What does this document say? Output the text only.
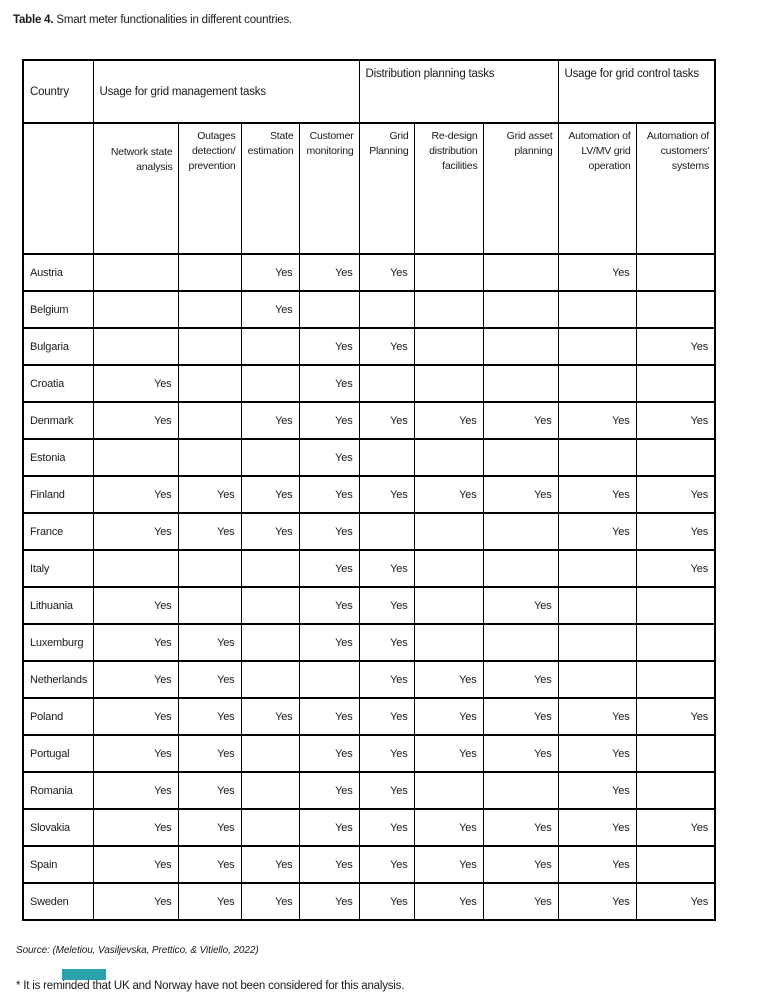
Table 4. Smart meter functionalities in different countries.

Country	Usage for grid management tasks				Distribution planning tasks			Usage for grid control tasks	
	Network state analysis	Outages detection/ prevention	State estimation	Customer monitoring	Grid Planning	Re-design distribution facilities	Grid asset planning	Automation of LV/MV grid operation	Automation of customers' systems
Austria			Yes	Yes	Yes			Yes	
Belgium			Yes						
Bulgaria				Yes	Yes				Yes
Croatia	Yes			Yes					
Denmark	Yes		Yes	Yes	Yes	Yes	Yes	Yes	Yes
Estonia				Yes					
Finland	Yes	Yes	Yes	Yes	Yes	Yes	Yes	Yes	Yes
France	Yes	Yes	Yes	Yes				Yes	Yes
Italy				Yes	Yes				Yes
Lithuania	Yes			Yes	Yes		Yes		
Luxemburg	Yes	Yes		Yes	Yes				
Netherlands	Yes	Yes			Yes	Yes	Yes		
Poland	Yes	Yes	Yes	Yes	Yes	Yes	Yes	Yes	Yes
Portugal	Yes	Yes		Yes	Yes	Yes	Yes	Yes	
Romania	Yes	Yes		Yes	Yes			Yes	
Slovakia	Yes	Yes		Yes	Yes	Yes	Yes	Yes	Yes
Spain	Yes	Yes	Yes	Yes	Yes	Yes	Yes	Yes	
Sweden	Yes	Yes	Yes	Yes	Yes	Yes	Yes	Yes	Yes

Source: (Meletiou, Vasiljevska, Prettico, & Vitiello, 2022)

* It is reminded that UK and Norway have not been considered for this analysis.
